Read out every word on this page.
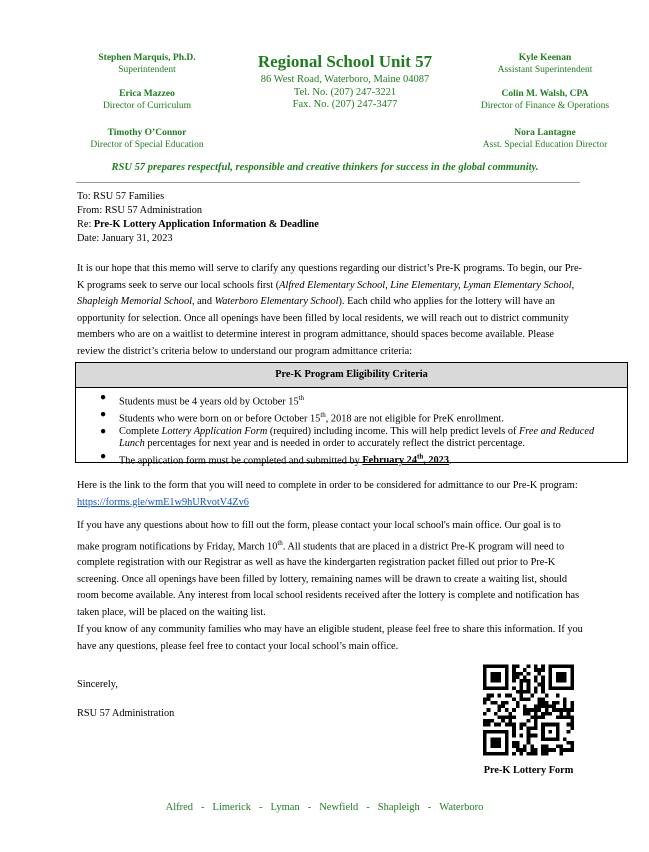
Stephen Marquis, Ph.D.
Superintendent
Erica Mazzeo
Director of Curriculum
Timothy O’Connor
Director of Special Education
Regional School Unit 57
86 West Road, Waterboro, Maine 04087
Tel. No. (207) 247-3221
Fax. No. (207) 247-3477
Kyle Keenan
Assistant Superintendent
Colin M. Walsh, CPA
Director of Finance & Operations
Nora Lantagne
Asst. Special Education Director
RSU 57 prepares respectful, responsible and creative thinkers for success in the global community.
To: RSU 57 Families
From: RSU 57 Administration
Re: Pre-K Lottery Application Information & Deadline
Date: January 31, 2023
It is our hope that this memo will serve to clarify any questions regarding our district’s Pre-K programs. To begin, our Pre-K programs seek to serve our local schools first (Alfred Elementary School, Line Elementary, Lyman Elementary School, Shapleigh Memorial School, and Waterboro Elementary School). Each child who applies for the lottery will have an opportunity for selection. Once all openings have been filled by local residents, we will reach out to district community members who are on a waitlist to determine interest in program admittance, should spaces become available. Please review the district’s criteria below to understand our program admittance criteria:
Pre-K Program Eligibility Criteria
● Students must be 4 years old by October 15th
● Students who were born on or before October 15th, 2018 are not eligible for PreK enrollment.
● Complete Lottery Application Form (required) including income. This will help predict levels of Free and Reduced Lunch percentages for next year and is needed in order to accurately reflect the district percentage.
● The application form must be completed and submitted by February 24th, 2023.
Here is the link to the form that you will need to complete in order to be considered for admittance to our Pre-K program: https://forms.gle/wmE1w9hURvotV4Zv6
If you have any questions about how to fill out the form, please contact your local school's main office. Our goal is to make program notifications by Friday, March 10th. All students that are placed in a district Pre-K program will need to complete registration with our Registrar as well as have the kindergarten registration packet filled out prior to Pre-K screening. Once all openings have been filled by lottery, remaining names will be drawn to create a waiting list, should room become available. Any interest from local school residents received after the lottery is complete and notification has taken place, will be placed on the waiting list.
If you know of any community families who may have an eligible student, please feel free to share this information. If you have any questions, please feel free to contact your local school’s main office.
Sincerely,
RSU 57 Administration
Pre-K Lottery Form
Alfred - Limerick - Lyman - Newfield - Shapleigh - Waterboro
